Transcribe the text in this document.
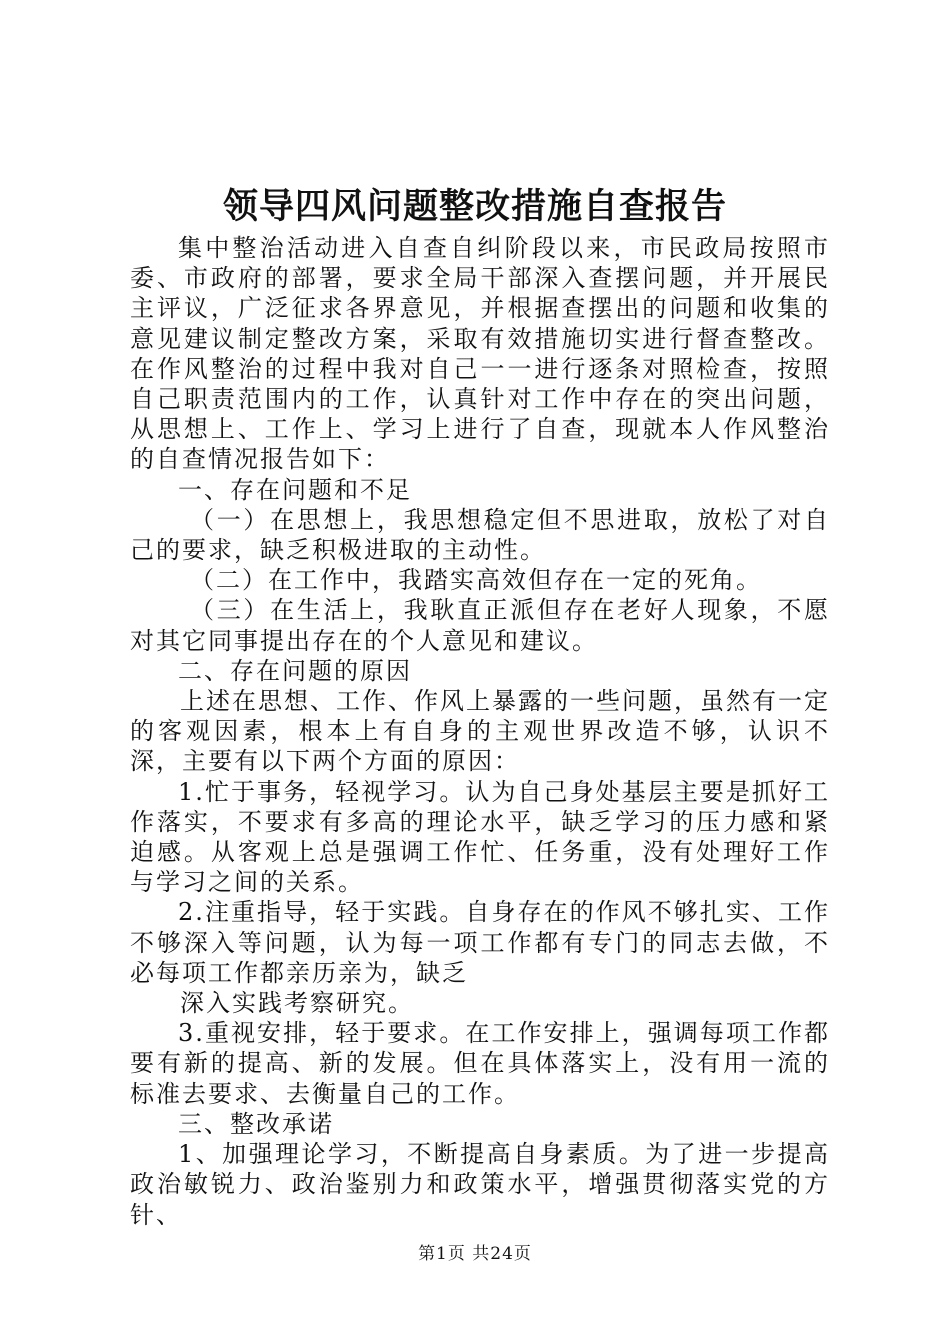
领导四风问题整改措施自查报告

集中整治活动进入自查自纠阶段以来，市民政局按照市委、市政府的部署，要求全局干部深入查摆问题，并开展民主评议，广泛征求各界意见，并根据查摆出的问题和收集的意见建议制定整改方案，采取有效措施切实进行督查整改。在作风整治的过程中我对自己一一进行逐条对照检查，按照自己职责范围内的工作，认真针对工作中存在的突出问题，从思想上、工作上、学习上进行了自查，现就本人作风整治的自查情况报告如下：

一、存在问题和不足

（一）在思想上，我思想稳定但不思进取，放松了对自己的要求，缺乏积极进取的主动性。

（二）在工作中，我踏实高效但存在一定的死角。

（三）在生活上，我耿直正派但存在老好人现象，不愿对其它同事提出存在的个人意见和建议。

二、存在问题的原因

上述在思想、工作、作风上暴露的一些问题，虽然有一定的客观因素，根本上有自身的主观世界改造不够，认识不深，主要有以下两个方面的原因：

1.忙于事务，轻视学习。认为自己身处基层主要是抓好工作落实，不要求有多高的理论水平，缺乏学习的压力感和紧迫感。从客观上总是强调工作忙、任务重，没有处理好工作与学习之间的关系。

2.注重指导，轻于实践。自身存在的作风不够扎实、工作不够深入等问题，认为每一项工作都有专门的同志去做，不必每项工作都亲历亲为，缺乏

深入实践考察研究。

3.重视安排，轻于要求。在工作安排上，强调每项工作都要有新的提高、新的发展。但在具体落实上，没有用一流的标准去要求、去衡量自己的工作。

三、整改承诺

1、加强理论学习，不断提高自身素质。为了进一步提高政治敏锐力、政治鉴别力和政策水平，增强贯彻落实党的方针、

第1页 共24页
